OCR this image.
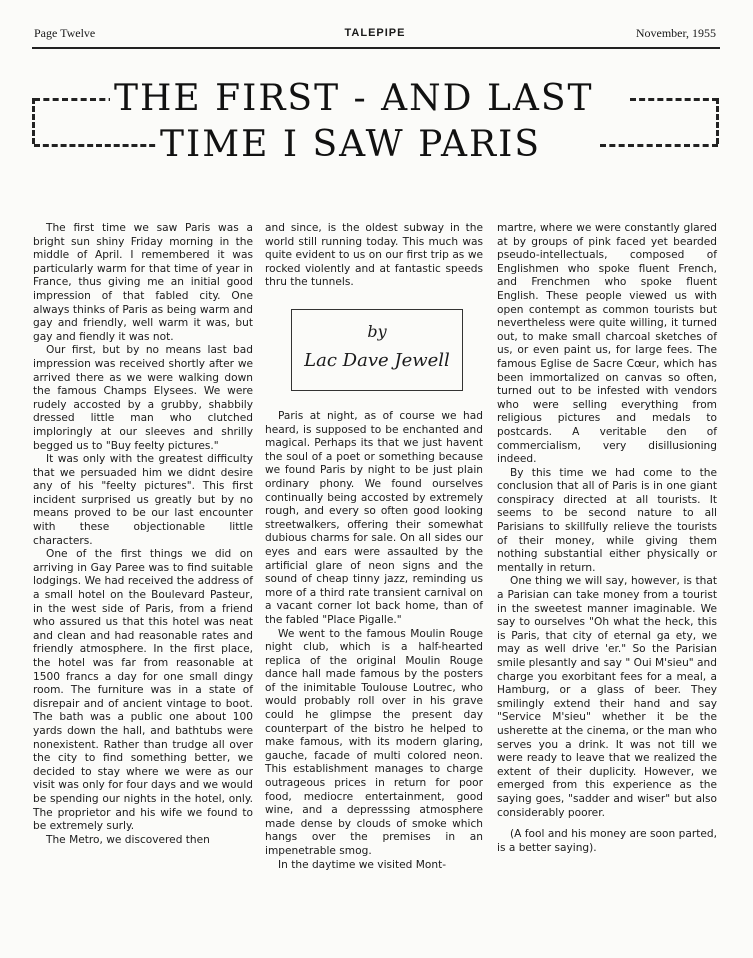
Page Twelve	TALEPIPE	November, 1955
THE FIRST - AND LAST
TIME I SAW PARIS

The first time we saw Paris was a bright sun shiny Friday morning in the middle of April. I remembered it was particularly warm for that time of year in France, thus giving me an initial good impression of that fabled city. One always thinks of Paris as being warm and gay and friendly, well warm it was, but gay and fiendly it was not.

Our first, but by no means last bad impression was received shortly after we arrived there as we were walking down the famous Champs Elysees. We were rudely accosted by a grubby, shabbily dressed little man who clutched imploringly at our sleeves and shrilly begged us to "Buy feelty pictures."

It was only with the greatest difficulty that we persuaded him we didnt desire any of his "feelty pictures". This first incident surprised us greatly but by no means proved to be our last encounter with these objectionable little characters.

One of the first things we did on arriving in Gay Paree was to find suitable lodgings. We had received the address of a small hotel on the Boulevard Pasteur, in the west side of Paris, from a friend who assured us that this hotel was neat and clean and had reasonable rates and friendly atmosphere. In the first place, the hotel was far from reasonable at 1500 francs a day for one small dingy room. The furniture was in a state of disrepair and of ancient vintage to boot. The bath was a public one about 100 yards down the hall, and bathtubs were nonexistent. Rather than trudge all over the city to find something better, we decided to stay where we were as our visit was only for four days and we would be spending our nights in the hotel, only. The proprietor and his wife we found to be extremely surly.

The Metro, we discovered then

and since, is the oldest subway in the world still running today. This much was quite evident to us on our first trip as we rocked violently and at fantastic speeds thru the tunnels.

by
Lac Dave Jewell

Paris at night, as of course we had heard, is supposed to be enchanted and magical. Perhaps its that we just havent the soul of a poet or something because we found Paris by night to be just plain ordinary phony. We found ourselves continually being accosted by extremely rough, and every so often good looking streetwalkers, offering their somewhat dubious charms for sale. On all sides our eyes and ears were assaulted by the artificial glare of neon signs and the sound of cheap tinny jazz, reminding us more of a third rate transient carnival on a vacant corner lot back home, than of the fabled "Place Pigalle."

We went to the famous Moulin Rouge night club, which is a half-hearted replica of the original Moulin Rouge dance hall made famous by the posters of the inimitable Toulouse Loutrec, who would probably roll over in his grave could he glimpse the present day counterpart of the bistro he helped to make famous, with its modern glaring, gauche, facade of multi colored neon. This establishment manages to charge outrageous prices in return for poor food, mediocre entertainment, good wine, and a depresssing atmosphere made dense by clouds of smoke which hangs over the premises in an impenetrable smog.

In the daytime we visited Mont-

martre, where we were constantly glared at by groups of pink faced yet bearded pseudo-intellectuals, composed of Englishmen who spoke fluent French, and Frenchmen who spoke fluent English. These people viewed us with open contempt as common tourists but nevertheless were quite willing, it turned out, to make small charcoal sketches of us, or even paint us, for large fees. The famous Eglise de Sacre Cœur, which has been immortalized on canvas so often, turned out to be infested with vendors who were selling everything from religious pictures and medals to postcards. A veritable den of commercialism, very disillusioning indeed.

By this time we had come to the conclusion that all of Paris is in one giant conspiracy directed at all tourists. It seems to be second nature to all Parisians to skillfully relieve the tourists of their money, while giving them nothing substantial either physically or mentally in return.

One thing we will say, however, is that a Parisian can take money from a tourist in the sweetest manner imaginable. We say to ourselves "Oh what the heck, this is Paris, that city of eternal ga ety, we may as well drive 'er." So the Parisian smile plesantly and say " Oui M'sieu" and charge you exorbitant fees for a meal, a Hamburg, or a glass of beer. They smilingly extend their hand and say "Service M'sieu" whether it be the usherette at the cinema, or the man who serves you a drink. It was not till we were ready to leave that we realized the extent of their duplicity. However, we emerged from this experience as the saying goes, "sadder and wiser" but also considerably poorer.

(A fool and his money are soon parted, is a better saying).
